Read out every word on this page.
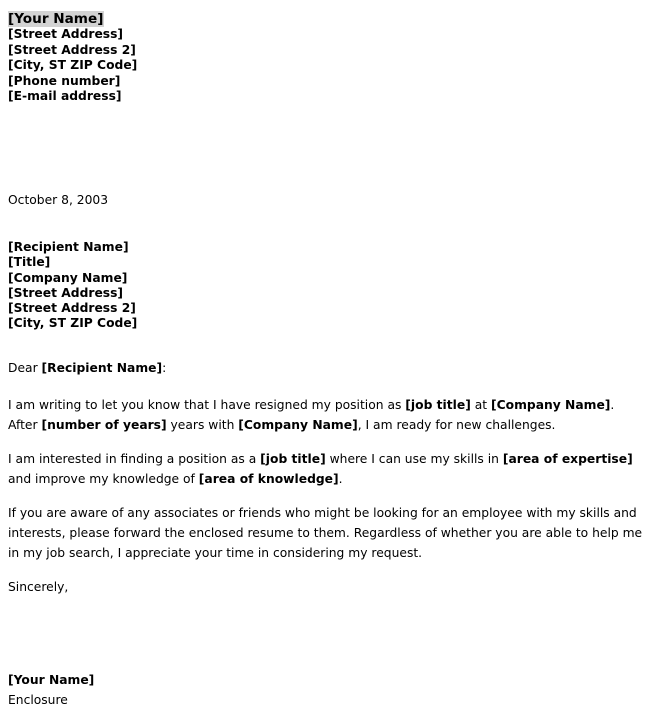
[Your Name]
[Street Address]
[Street Address 2]
[City, ST ZIP Code]
[Phone number]
[E-mail address]
October 8, 2003
[Recipient Name]
[Title]
[Company Name]
[Street Address]
[Street Address 2]
[City, ST ZIP Code]
Dear [Recipient Name]:
I am writing to let you know that I have resigned my position as [job title] at [Company Name]. After [number of years] years with [Company Name], I am ready for new challenges.
I am interested in finding a position as a [job title] where I can use my skills in [area of expertise] and improve my knowledge of [area of knowledge].
If you are aware of any associates or friends who might be looking for an employee with my skills and interests, please forward the enclosed resume to them. Regardless of whether you are able to help me in my job search, I appreciate your time in considering my request.
Sincerely,
[Your Name]
Enclosure
